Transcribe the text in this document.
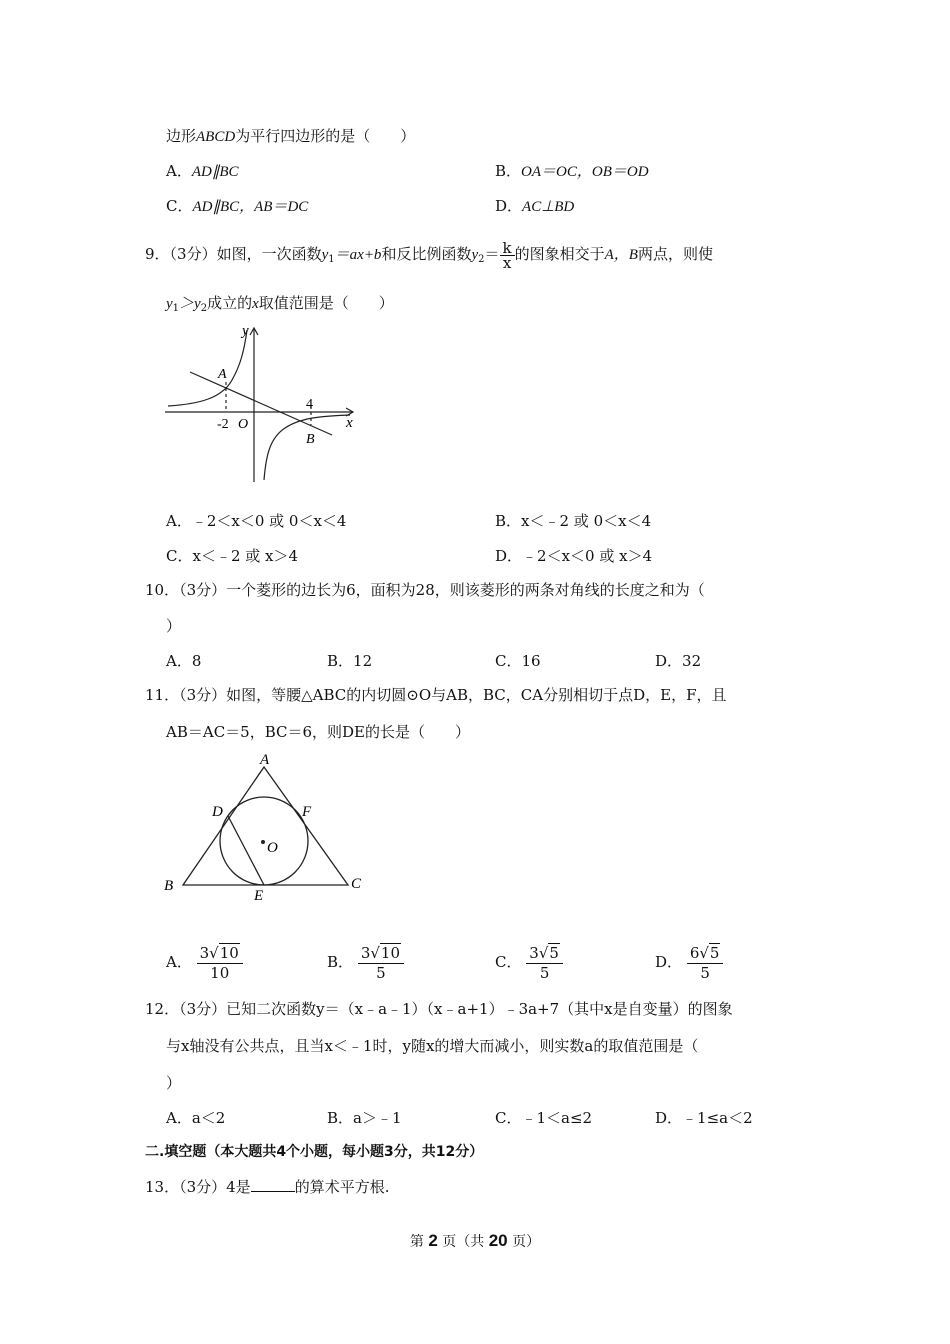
边形ABCD为平行四边形的是（　　）
A．AD∥BC	B．OA＝OC，OB＝OD
C．AD∥BC，AB＝DC	D．AC⊥BD
9．（3分）如图，一次函数$y_1=ax+b$和反比例函数$y_2= \frac{k}{x}$ 的图象相交于A，B两点，则使
$y_1>y_2$成立的x取值范围是（　　）
y
x
A
B
O
-2
4
A．﹣2＜x＜0 或 0＜x＜4	B．x＜﹣2 或 0＜x＜4
C．x＜﹣2 或 x＞4	D．﹣2＜x＜0 或 x＞4
10．（3分）一个菱形的边长为6，面积为28，则该菱形的两条对角线的长度之和为（
）
A．8	B．12	C．16	D．32
11．（3分）如图，等腰△ABC的内切圆⊙O与AB，BC，CA分别相切于点D，E，F，且
AB＝AC＝5，BC＝6，则DE的长是（　　）
A
B	C
D
E
F
O
A． $\frac{3√10}{10}$	B． $\frac{3√10}{5}$	C． $\frac{3√5}{5}$	D． $\frac{6√5}{5}$
12．（3分）已知二次函数y＝（x﹣a﹣1）（x﹣a+1）﹣3a+7（其中x是自变量）的图象
与x轴没有公共点，且当x＜﹣1时，y随x的增大而减小，则实数a的取值范围是（
）
A．a＜2	B．a＞﹣1	C．﹣1＜a≤2	D．﹣1≤a＜2
二.填空题（本大题共4个小题，每小题3分，共12分）
13．（3分）4是	的算术平方根.
第 2 页（共 20 页）
